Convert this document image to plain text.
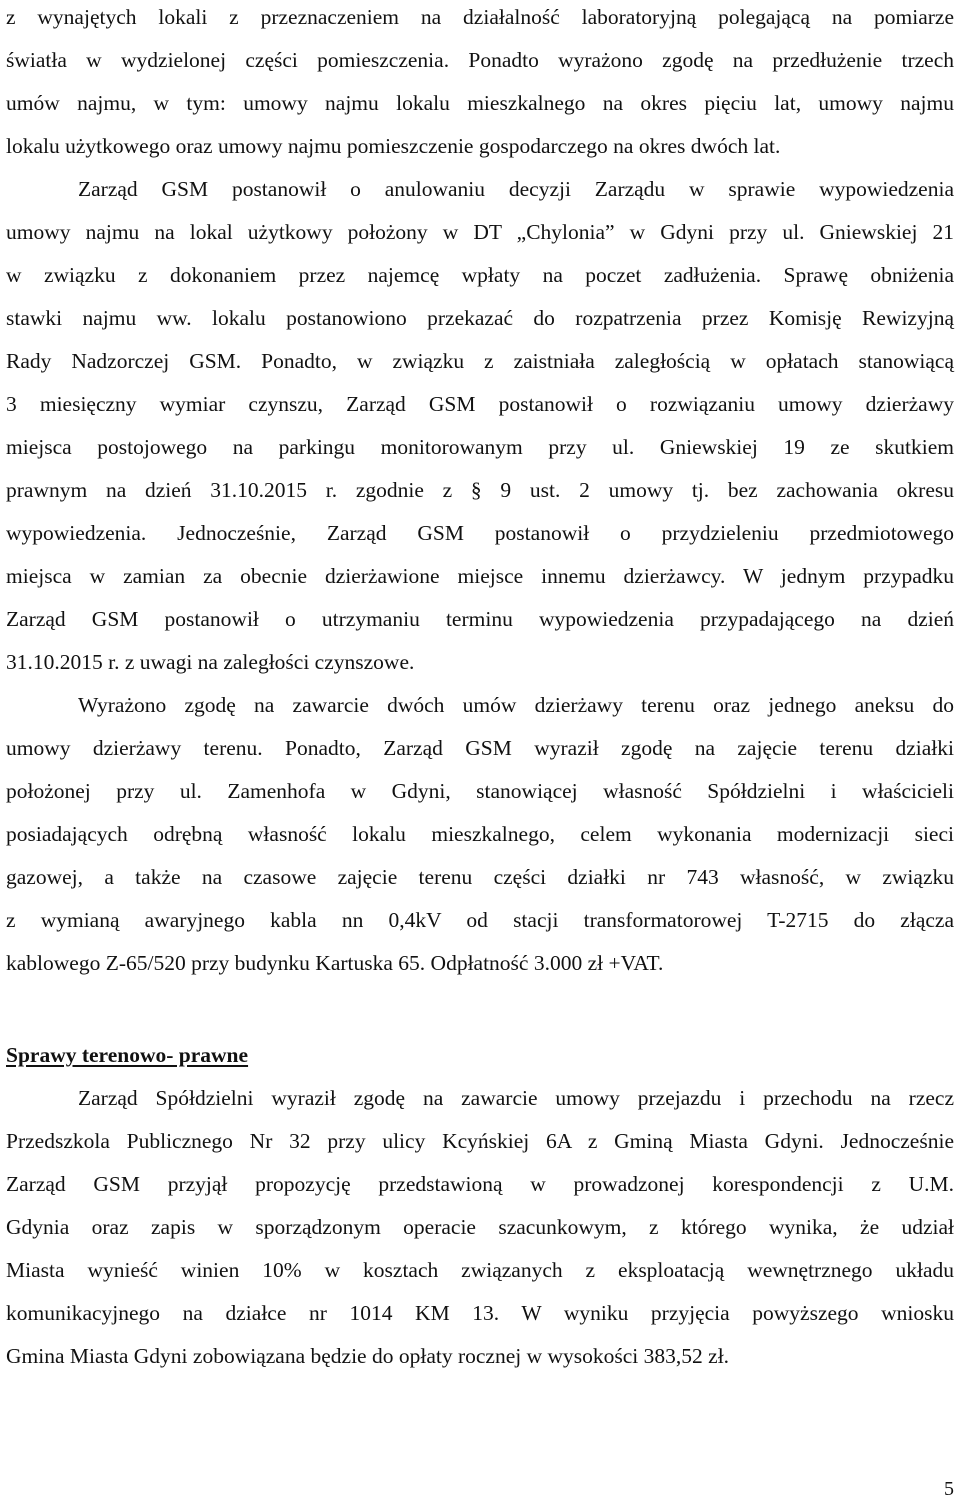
z wynajętych lokali z przeznaczeniem na działalność laboratoryjną polegającą na pomiarze
światła w wydzielonej części pomieszczenia. Ponadto wyrażono zgodę na przedłużenie trzech
umów najmu, w tym: umowy najmu lokalu mieszkalnego na okres pięciu lat, umowy najmu
lokalu użytkowego oraz umowy najmu pomieszczenie gospodarczego na okres dwóch lat.
Zarząd GSM postanowił o anulowaniu decyzji Zarządu w sprawie wypowiedzenia
umowy najmu na lokal użytkowy położony w DT „Chylonia” w Gdyni przy ul. Gniewskiej 21
w związku z dokonaniem przez najemcę wpłaty na poczet zadłużenia. Sprawę obniżenia
stawki najmu ww. lokalu postanowiono przekazać do rozpatrzenia przez Komisję Rewizyjną
Rady Nadzorczej GSM. Ponadto, w związku z zaistniała zaległością w opłatach stanowiącą
3 miesięczny wymiar czynszu, Zarząd GSM postanowił o rozwiązaniu umowy dzierżawy
miejsca postojowego na parkingu monitorowanym przy ul. Gniewskiej 19 ze skutkiem
prawnym na dzień 31.10.2015 r. zgodnie z § 9 ust. 2 umowy tj. bez zachowania okresu
wypowiedzenia. Jednocześnie, Zarząd GSM postanowił o przydzieleniu przedmiotowego
miejsca w zamian za obecnie dzierżawione miejsce innemu dzierżawcy. W jednym przypadku
Zarząd GSM postanowił o utrzymaniu terminu wypowiedzenia przypadającego na dzień
31.10.2015 r. z uwagi na zaległości czynszowe.
Wyrażono zgodę na zawarcie dwóch umów dzierżawy terenu oraz jednego aneksu do
umowy dzierżawy terenu. Ponadto, Zarząd GSM wyraził zgodę na zajęcie terenu działki
położonej przy ul. Zamenhofa w Gdyni, stanowiącej własność Spółdzielni i właścicieli
posiadających odrębną własność lokalu mieszkalnego, celem wykonania modernizacji sieci
gazowej, a także na czasowe zajęcie terenu części działki nr 743 własność, w związku
z wymianą awaryjnego kabla nn 0,4kV od stacji transformatorowej T-2715 do złącza
kablowego Z-65/520 przy budynku Kartuska 65. Odpłatność 3.000 zł +VAT.
Sprawy terenowo- prawne
Zarząd Spółdzielni wyraził zgodę na zawarcie umowy przejazdu i przechodu na rzecz
Przedszkola Publicznego Nr 32 przy ulicy Kcyńskiej 6A z Gminą Miasta Gdyni. Jednocześnie
Zarząd GSM przyjął propozycję przedstawioną w prowadzonej korespondencji z U.M.
Gdynia oraz zapis w sporządzonym operacie szacunkowym, z którego wynika, że udział
Miasta wynieść winien 10% w kosztach związanych z eksploatacją wewnętrznego układu
komunikacyjnego na działce nr 1014 KM 13. W wyniku przyjęcia powyższego wniosku
Gmina Miasta Gdyni zobowiązana będzie do opłaty rocznej w wysokości 383,52 zł.
5
